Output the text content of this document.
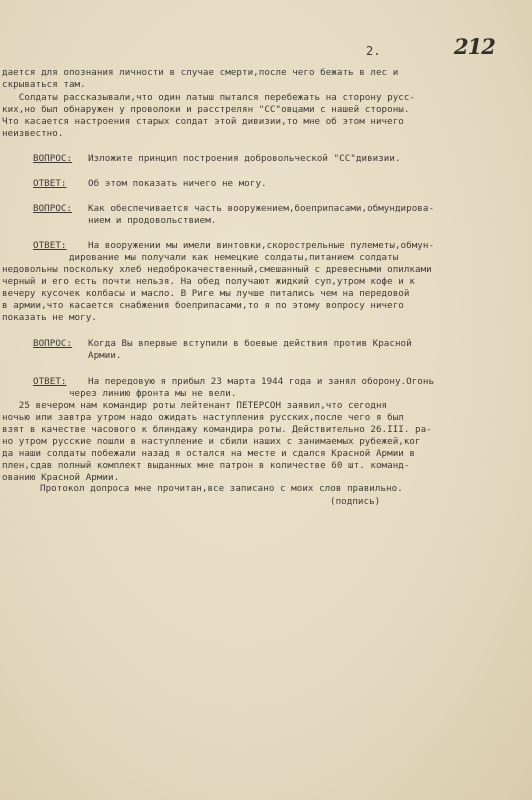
2.	212
дается для опознания личности в случае смерти,после чего бежать в лес и
скрываться там.
Солдаты рассказывали,что один латыш пытался перебежать на сторону русс-
ких,но был обнаружен у проволоки и расстрелян "СС"овцами с нашей стороны.
Что касается настроения старых солдат этой дивизии,то мне об этом ничего
неизвестно.
ВОПРОС: Изложите принцип построения добровольческой "СС"дивизии.
ОТВЕТ: Об этом показать ничего не могу.
ВОПРОС: Как обеспечивается часть вооружением,боеприпасами,обмундирова-
нием и продовольствием.
ОТВЕТ: На вооружении мы имели винтовки,скорострельные пулеметы,обмун-
дирование мы получали как немецкие солдаты,питанием солдаты
недовольны поскольку хлеб недоброкачественный,смешанный с древесными опилками
черный и его есть почти нельзя. На обед получают жидкий суп,утром кофе и к
вечеру кусочек колбасы и масло. В Риге мы лучше питались чем на передовой
в армии,что касается снабжения боеприпасами,то я по этому вопросу ничего
показать не могу.
ВОПРОС: Когда Вы впервые вступили в боевые действия против Красной
Армии.
ОТВЕТ: На передовую я прибыл 23 марта 1944 года и занял оборону.Огонь
через линию фронта мы не вели.
25 вечером нам командир роты лейтенант ПЕТЕРСОН заявил,что сегодня
ночью или завтра утром надо ожидать наступления русских,после чего я был
взят в качестве часового к блиндажу командира роты. Действительно 26.III. ра-
но утром русские пошли в наступление и сбили наших с занимаемых рубежей,ког
да наши солдаты побежали назад я остался на месте и сдался Красной Армии в
плен,сдав полный комплект выданных мне патрон в количестве 60 шт. команд-
ованию Красной Армии.
Протокол допроса мне прочитан,все записано с моих слов правильно.
(подпись)
